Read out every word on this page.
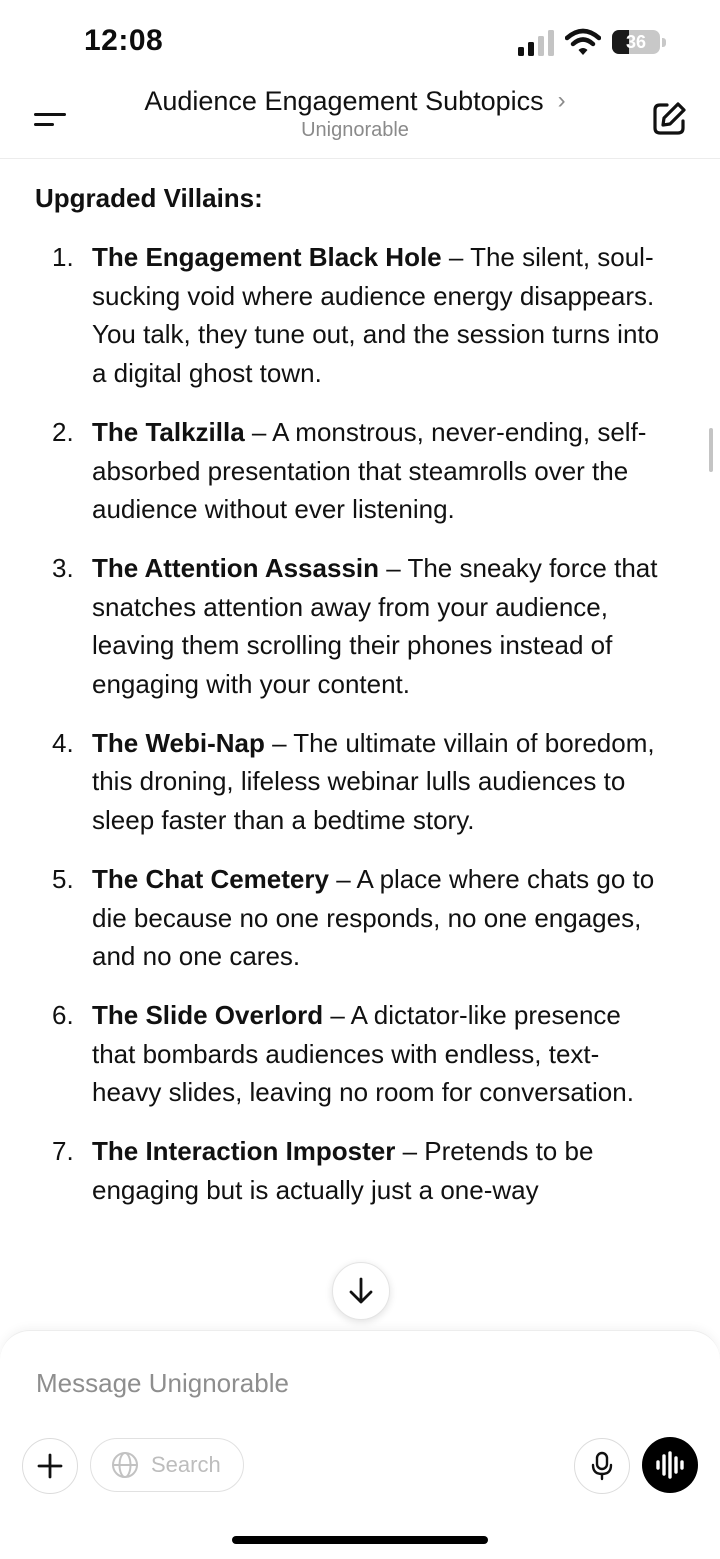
12:08	36
Audience Engagement Subtopics ›
Unignorable
Upgraded Villains:
1. The Engagement Black Hole – The silent, soul-sucking void where audience energy disappears. You talk, they tune out, and the session turns into a digital ghost town.
2. The Talkzilla – A monstrous, never-ending, self-absorbed presentation that steamrolls over the audience without ever listening.
3. The Attention Assassin – The sneaky force that snatches attention away from your audience, leaving them scrolling their phones instead of engaging with your content.
4. The Webi-Nap – The ultimate villain of boredom, this droning, lifeless webinar lulls audiences to sleep faster than a bedtime story.
5. The Chat Cemetery – A place where chats go to die because no one responds, no one engages, and no one cares.
6. The Slide Overlord – A dictator-like presence that bombards audiences with endless, text-heavy slides, leaving no room for conversation.
7. The Interaction Imposter – Pretends to be engaging but is actually just a one-way
Message Unignorable
Search
